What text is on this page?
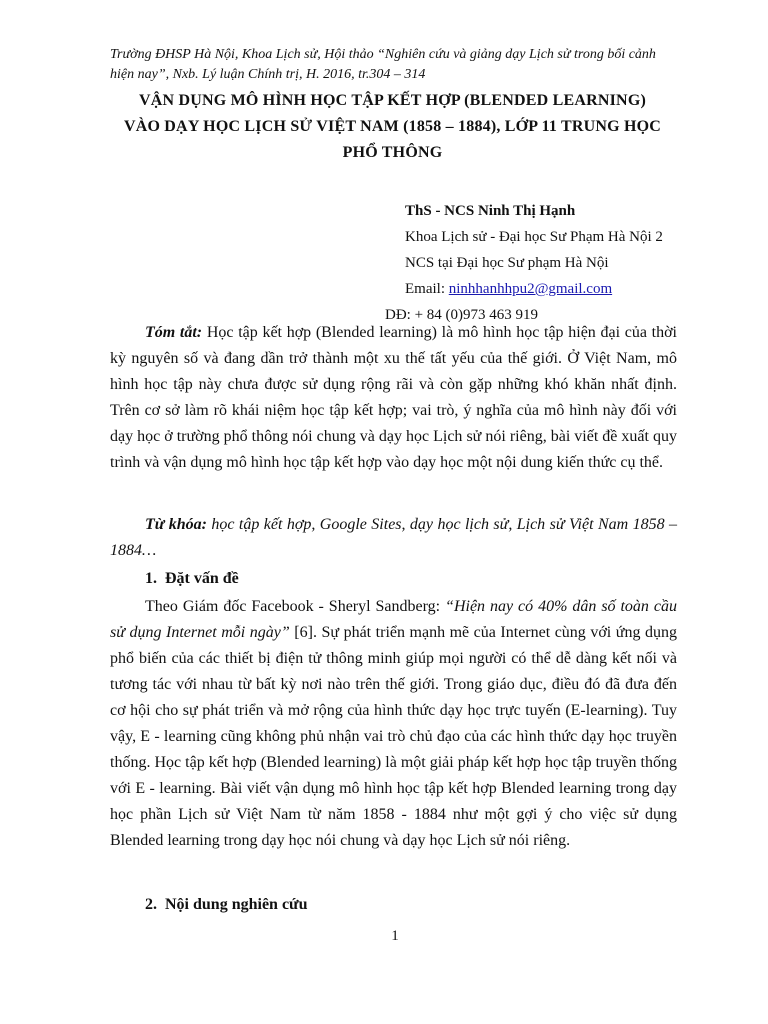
Trường ĐHSP Hà Nội, Khoa Lịch sử, Hội thảo “Nghiên cứu và giảng dạy Lịch sử trong bối cảnh hiện nay”, Nxb. Lý luận Chính trị, H. 2016, tr.304 – 314
VẬN DỤNG MÔ HÌNH HỌC TẬP KẾT HỢP (BLENDED LEARNING)
VÀO DẠY HỌC LỊCH SỬ VIỆT NAM (1858 – 1884), LỚP 11 TRUNG HỌC
PHỔ THÔNG
ThS - NCS Ninh Thị Hạnh
Khoa Lịch sử - Đại học Sư Phạm Hà Nội 2
NCS tại Đại học Sư phạm Hà Nội
Email: ninhhanhhpu2@gmail.com
DĐ: + 84 (0)973 463 919

Tóm tắt: Học tập kết hợp (Blended learning) là mô hình học tập hiện đại của thời kỳ nguyên số và đang dần trở thành một xu thế tất yếu của thế giới. Ở Việt Nam, mô hình học tập này chưa được sử dụng rộng rãi và còn gặp những khó khăn nhất định. Trên cơ sở làm rõ khái niệm học tập kết hợp; vai trò, ý nghĩa của mô hình này đối với dạy học ở trường phổ thông nói chung và dạy học Lịch sử nói riêng, bài viết đề xuất quy trình và vận dụng mô hình học tập kết hợp vào dạy học một nội dung kiến thức cụ thể.

Từ khóa: học tập kết hợp, Google Sites, dạy học lịch sử, Lịch sử Việt Nam 1858 – 1884…

1. Đặt vấn đề

Theo Giám đốc Facebook - Sheryl Sandberg: “Hiện nay có 40% dân số toàn cầu sử dụng Internet mỗi ngày” [6]. Sự phát triển mạnh mẽ của Internet cùng với ứng dụng phổ biến của các thiết bị điện tử thông minh giúp mọi người có thể dễ dàng kết nối và tương tác với nhau từ bất kỳ nơi nào trên thế giới. Trong giáo dục, điều đó đã đưa đến cơ hội cho sự phát triển và mở rộng của hình thức dạy học trực tuyến (E-learning). Tuy vậy, E - learning cũng không phủ nhận vai trò chủ đạo của các hình thức dạy học truyền thống. Học tập kết hợp (Blended learning) là một giải pháp kết hợp học tập truyền thống với E - learning. Bài viết vận dụng mô hình học tập kết hợp Blended learning trong dạy học phần Lịch sử Việt Nam từ năm 1858 - 1884 như một gợi ý cho việc sử dụng Blended learning trong dạy học nói chung và dạy học Lịch sử nói riêng.

2. Nội dung nghiên cứu
1
